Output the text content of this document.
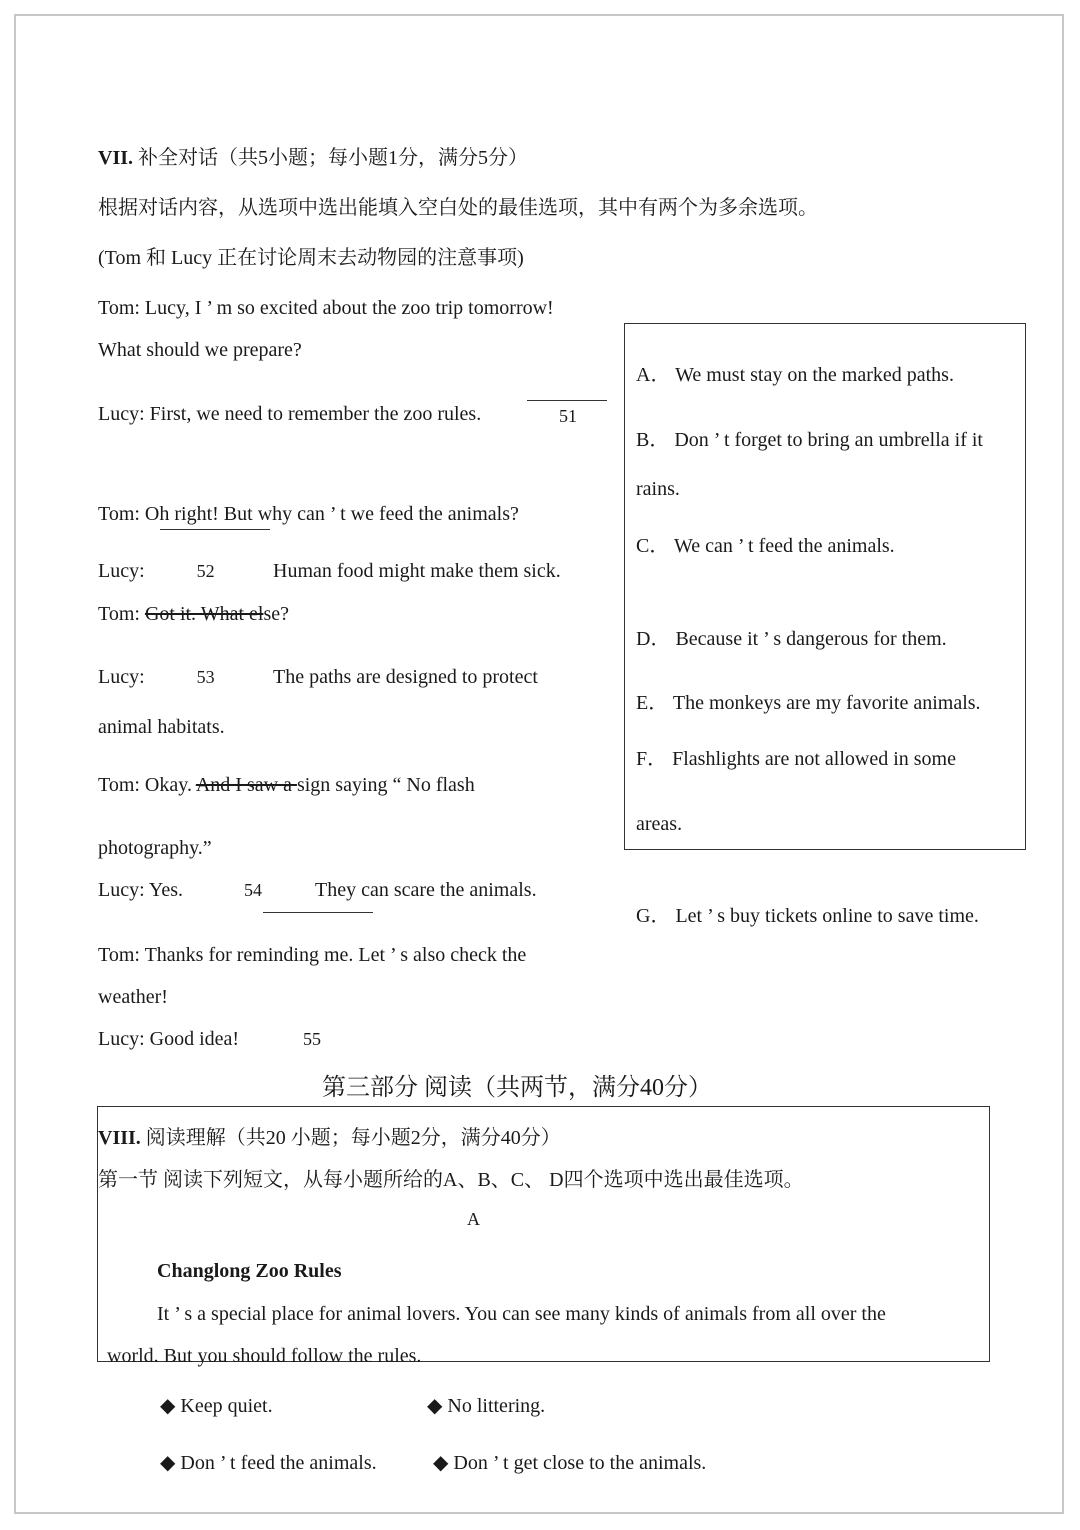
VII. 补全对话（共5小题；每小题1分，满分5分）
根据对话内容，从选项中选出能填入空白处的最佳选项，其中有两个为多余选项。
(Tom 和 Lucy 正在讨论周末去动物园的注意事项)
Tom: Lucy, I ’ m so excited about the zoo trip tomorrow!
What should we prepare?
Lucy: First, we need to remember the zoo rules.	51
Tom: Oh right! But why can ’ t we feed the animals?
Lucy:	52	Human food might make them sick.
Tom: Got it. What else?
Lucy:	53	The paths are designed to protect
animal habitats.
Tom: Okay. And I saw a sign saying “ No flash
photography.”
Lucy: Yes.	54	They can scare the animals.
Tom: Thanks for reminding me. Let ’ s also check the
weather!
Lucy: Good idea!	55
A． We must stay on the marked paths.
B． Don ’ t forget to bring an umbrella if it
rains.
C． We can ’ t feed the animals.
D． Because it ’ s dangerous for them.
E． The monkeys are my favorite animals.
F． Flashlights are not allowed in some
areas.
G． Let ’ s buy tickets online to save time.
第三部分 阅读（共两节，满分40分）
VIII. 阅读理解（共20 小题；每小题2分，满分40分）
第一节 阅读下列短文，从每小题所给的A、B、C、 D四个选项中选出最佳选项。
A
Changlong Zoo Rules
It ’ s a special place for animal lovers. You can see many kinds of animals from all over the
world. But you should follow the rules.
◆ Keep quiet.	◆ No littering.
◆ Don ’ t feed the animals.	◆ Don ’ t get close to the animals.
